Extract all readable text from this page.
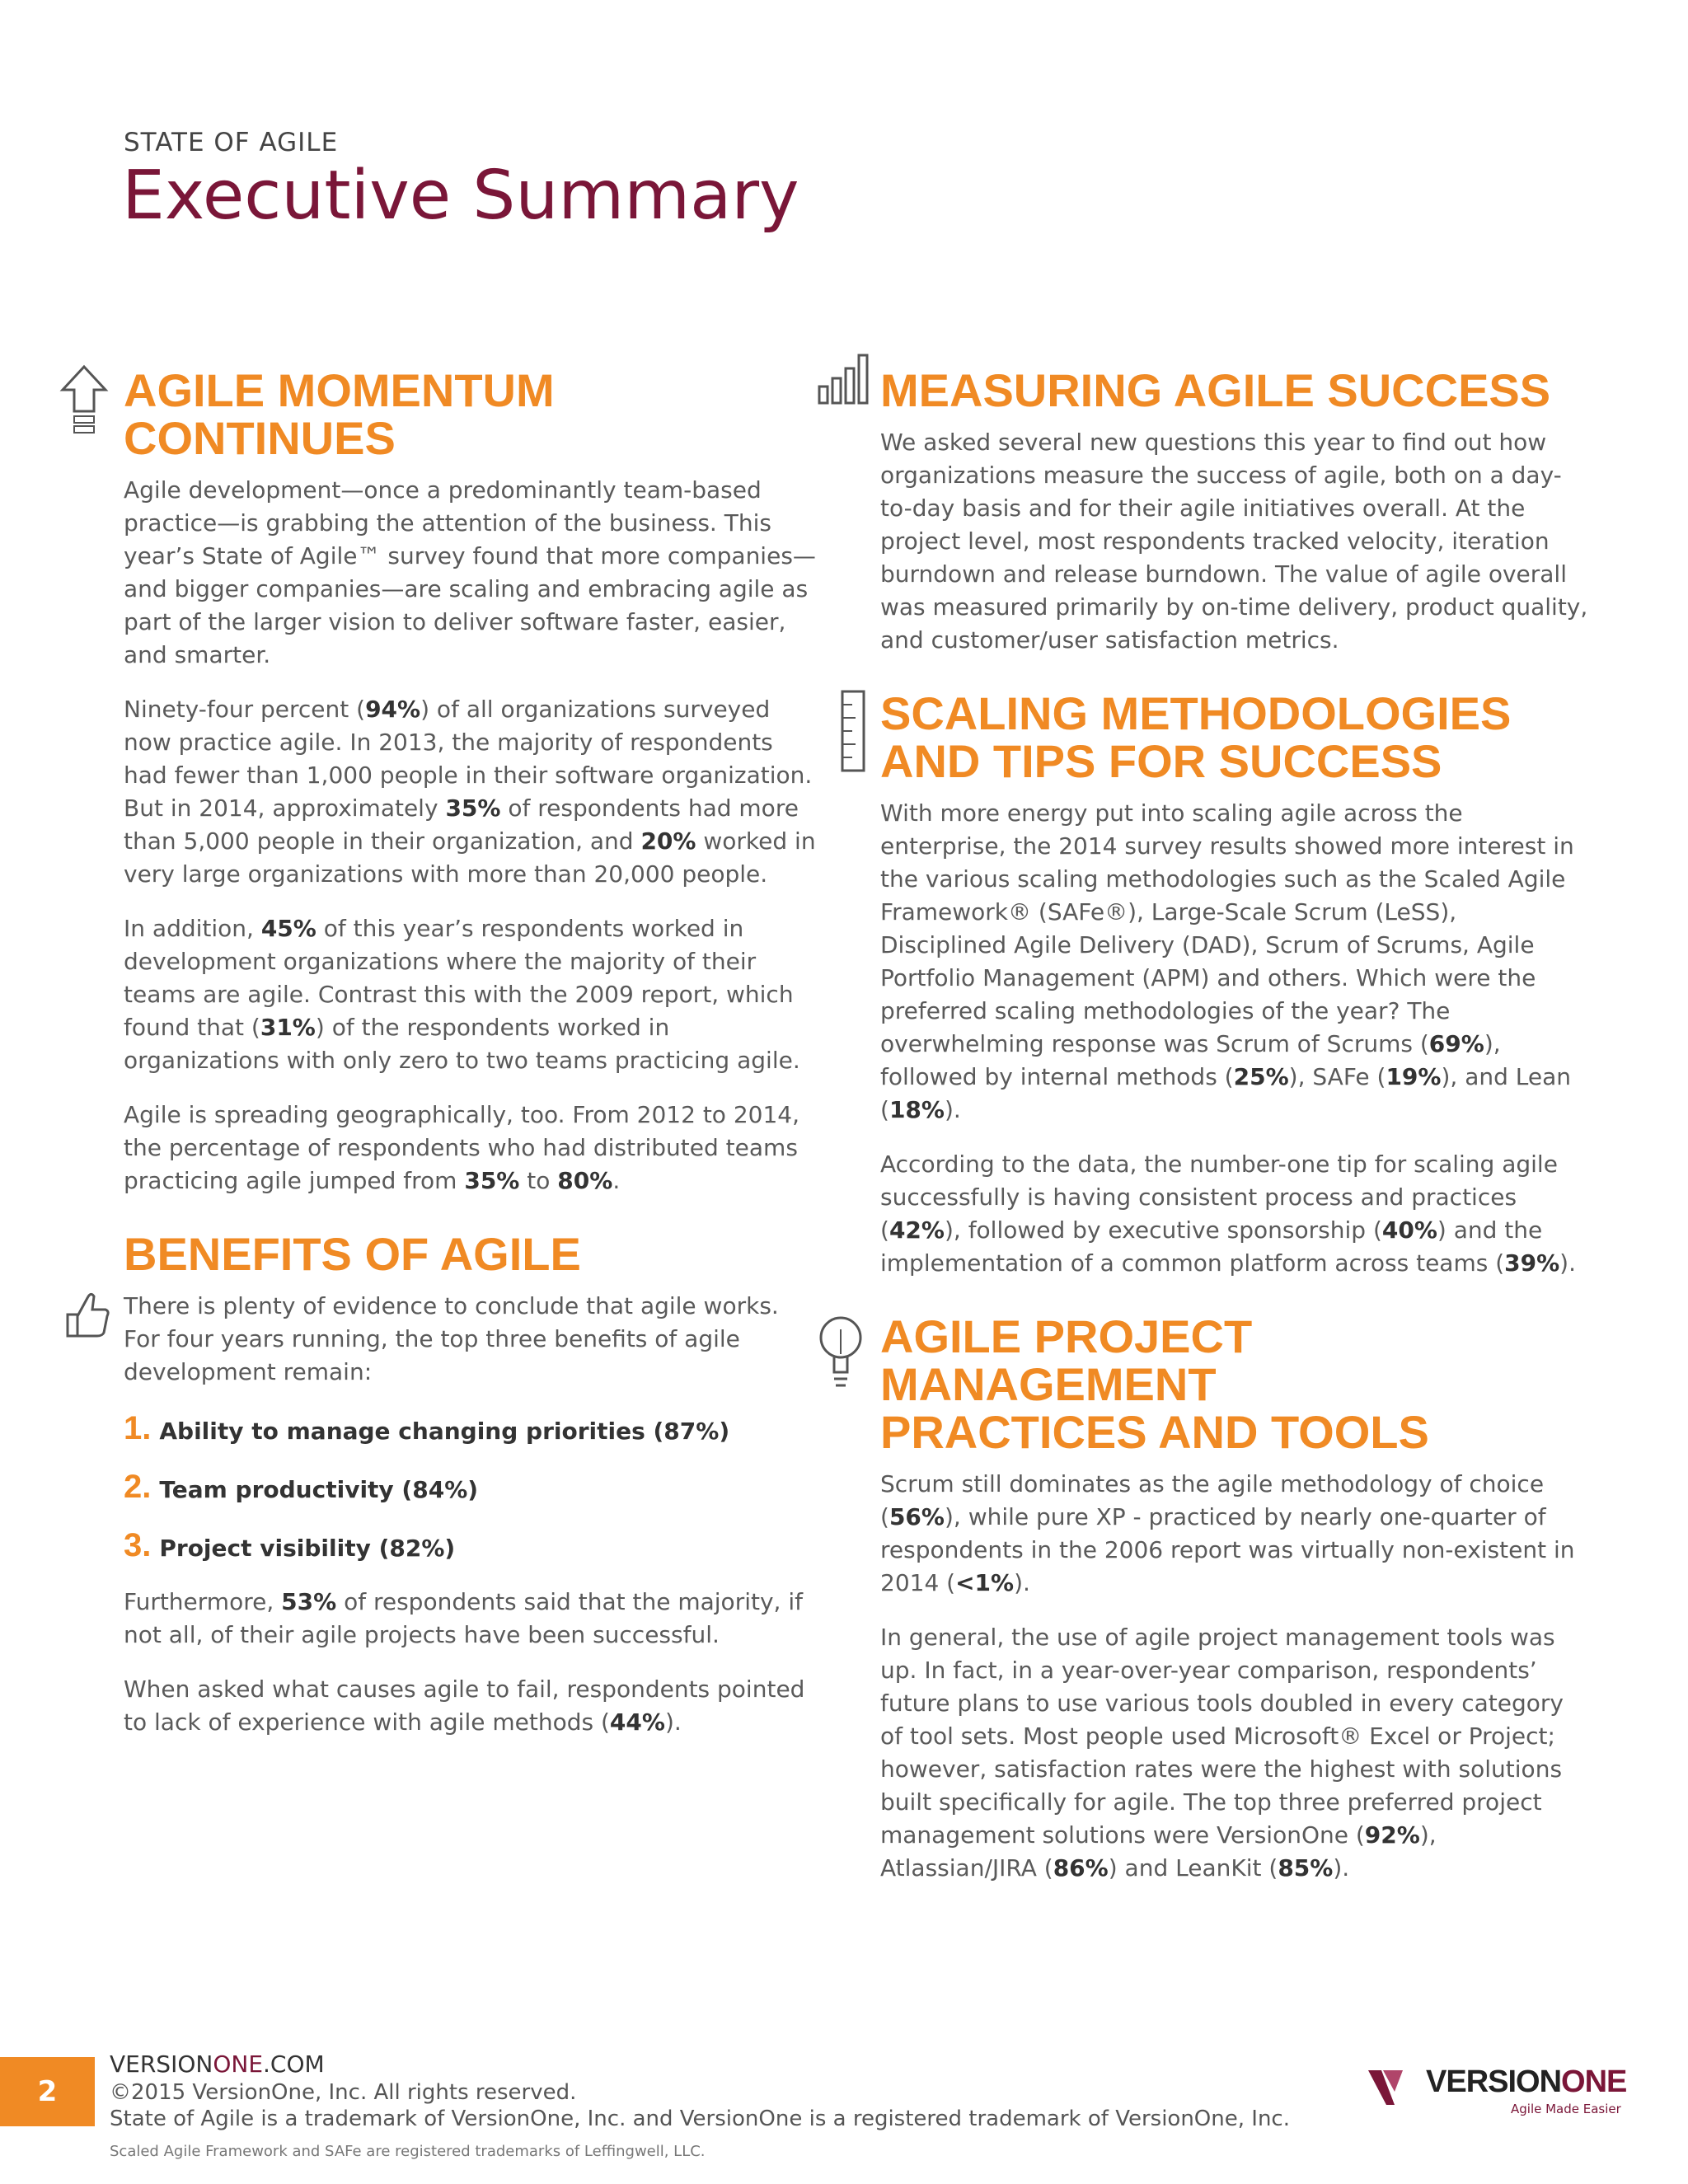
STATE OF AGILE
Executive Summary
AGILE MOMENTUM
CONTINUES

Agile development—once a predominantly team-based practice—is grabbing the attention of the business. This year’s State of Agile™ survey found that more companies—and bigger companies—are scaling and embracing agile as part of the larger vision to deliver software faster, easier, and smarter.

Ninety-four percent (94%) of all organizations surveyed now practice agile. In 2013, the majority of respondents had fewer than 1,000 people in their software organization. But in 2014, approximately 35% of respondents had more than 5,000 people in their organization, and 20% worked in very large organizations with more than 20,000 people.

In addition, 45% of this year’s respondents worked in development organizations where the majority of their teams are agile. Contrast this with the 2009 report, which found that (31%) of the respondents worked in organizations with only zero to two teams practicing agile.

Agile is spreading geographically, too. From 2012 to 2014, the percentage of respondents who had distributed teams practicing agile jumped from 35% to 80%.

BENEFITS OF AGILE

There is plenty of evidence to conclude that agile works. For four years running, the top three benefits of agile development remain:

1. Ability to manage changing priorities (87%)
2. Team productivity (84%)
3. Project visibility (82%)

Furthermore, 53% of respondents said that the majority, if not all, of their agile projects have been successful.

When asked what causes agile to fail, respondents pointed to lack of experience with agile methods (44%).

MEASURING AGILE SUCCESS

We asked several new questions this year to find out how organizations measure the success of agile, both on a day-to-day basis and for their agile initiatives overall. At the project level, most respondents tracked velocity, iteration burndown and release burndown. The value of agile overall was measured primarily by on-time delivery, product quality, and customer/user satisfaction metrics.

SCALING METHODOLOGIES
AND TIPS FOR SUCCESS

With more energy put into scaling agile across the enterprise, the 2014 survey results showed more interest in the various scaling methodologies such as the Scaled Agile Framework® (SAFe®), Large-Scale Scrum (LeSS), Disciplined Agile Delivery (DAD), Scrum of Scrums, Agile Portfolio Management (APM) and others. Which were the preferred scaling methodologies of the year? The overwhelming response was Scrum of Scrums (69%), followed by internal methods (25%), SAFe (19%), and Lean (18%).

According to the data, the number-one tip for scaling agile successfully is having consistent process and practices (42%), followed by executive sponsorship (40%) and the implementation of a common platform across teams (39%).

AGILE PROJECT MANAGEMENT
PRACTICES AND TOOLS

Scrum still dominates as the agile methodology of choice (56%), while pure XP - practiced by nearly one-quarter of respondents in the 2006 report was virtually non-existent in 2014 (<1%).

In general, the use of agile project management tools was up. In fact, in a year-over-year comparison, respondents’ future plans to use various tools doubled in every category of tool sets. Most people used Microsoft® Excel or Project; however, satisfaction rates were the highest with solutions built specifically for agile. The top three preferred project management solutions were VersionOne (92%), Atlassian/JIRA (86%) and LeanKit (85%).

2
VERSIONONE.COM
©2015 VersionOne, Inc. All rights reserved.
State of Agile is a trademark of VersionOne, Inc. and VersionOne is a registered trademark of VersionOne, Inc.
Scaled Agile Framework and SAFe are registered trademarks of Leffingwell, LLC.
VERSIONONE
Agile Made Easier
